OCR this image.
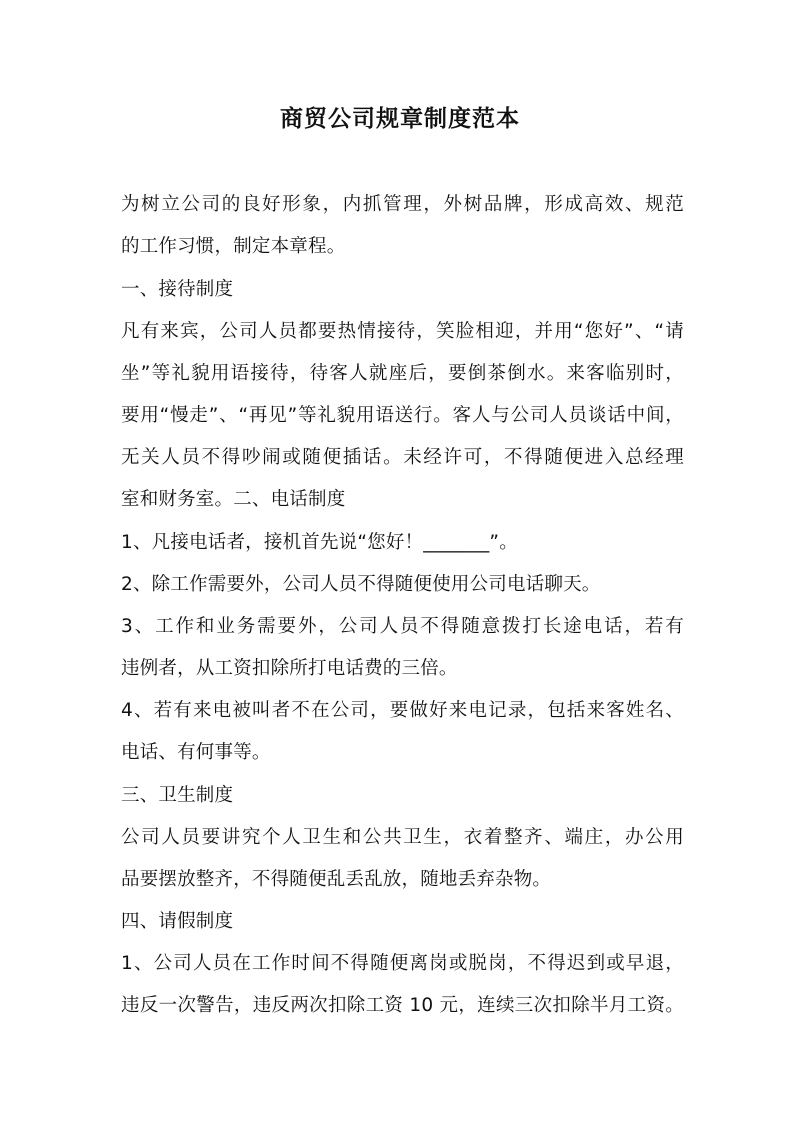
商贸公司规章制度范本
为树立公司的良好形象，内抓管理，外树品牌，形成高效、规范
的工作习惯，制定本章程。
一、接待制度
凡有来宾，公司人员都要热情接待，笑脸相迎，并用“您好”、“请
坐”等礼貌用语接待，待客人就座后，要倒茶倒水。来客临别时，
要用“慢走”、“再见”等礼貌用语送行。客人与公司人员谈话中间，
无关人员不得吵闹或随便插话。未经许可，不得随便进入总经理
室和财务室。二、电话制度
1、凡接电话者，接机首先说“您好！_______”。
2、除工作需要外，公司人员不得随便使用公司电话聊天。
3、工作和业务需要外，公司人员不得随意拨打长途电话，若有
违例者，从工资扣除所打电话费的三倍。
4、若有来电被叫者不在公司，要做好来电记录，包括来客姓名、
电话、有何事等。
三、卫生制度
公司人员要讲究个人卫生和公共卫生，衣着整齐、端庄，办公用
品要摆放整齐，不得随便乱丢乱放，随地丢弃杂物。
四、请假制度
1、公司人员在工作时间不得随便离岗或脱岗，不得迟到或早退，
违反一次警告，违反两次扣除工资 10 元，连续三次扣除半月工资。
